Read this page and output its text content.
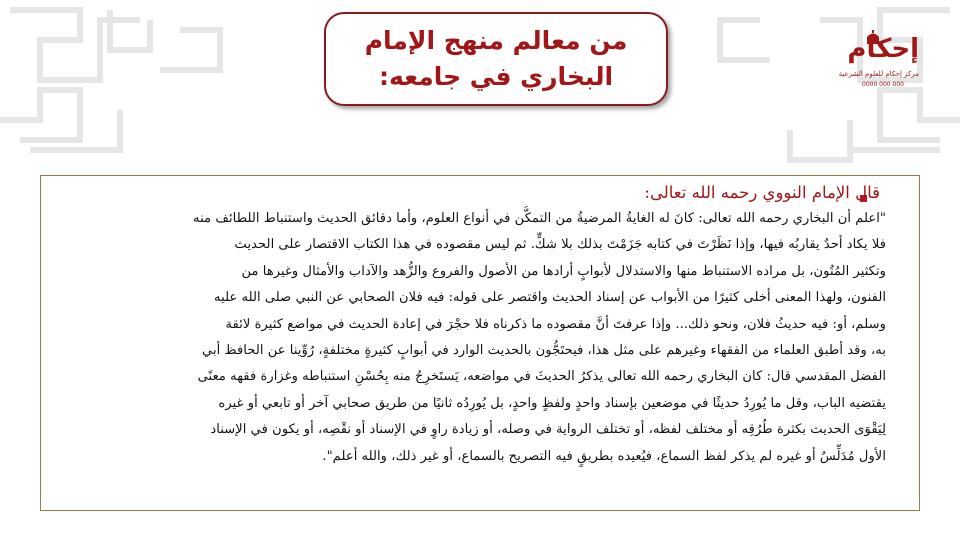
من معالم منهج الإمام
البخاري في جامعه:
إحكام
مركز إحكام للعلوم الشرعية
0000 000 000
قال الإمام النووي رحمه الله تعالى:
"اعلم أن البخاري رحمه الله تعالى: كانَ له الغايةُ المرضيةُ من التمكُّن في أنواع العلوم، وأما دقائق الحديث واستنباط اللطائف منه
فلا يكاد أحدٌ يقاربُه فيها، وإذا نَظَرْتَ في كتابه جَزَمْتَ بذلك بلا شكٍّ. ثم ليس مقصوده في هذا الكتاب الاقتصار على الحديث
وتكثير المُتُون، بل مراده الاستنباط منها والاستدلال لأبوابٍ أرادها من الأصول والفروع والزُّهد والآداب والأمثال وغيرها من
الفنون، ولهذا المعنى أخلى كثيرًا من الأبواب عن إسناد الحديث واقتصر على قوله: فيه فلان الصحابي عن النبي صلى الله عليه
وسلم، أو: فيه حديثُ فلان، ونحو ذلك... وإذا عرفتَ أنَّ مقصوده ما ذكرناه فلا حجْرَ في إعادة الحديث في مواضع كثيرة لائقة
به، وقد أطبق العلماء من الفقهاء وغيرهم على مثل هذا، فيحتَجُّون بالحديث الوارد في أبوابٍ كثيرةٍ مختلفةٍ، رُوِّينا عن الحافظ أبي
الفضل المقدسي قال: كان البخاري رحمه الله تعالى يذكرُ الحديثَ في مواضعه، يَستَخرِجُ منه بِحُسْنِ استنباطه وغزارة فقهه معنًى
يقتضيه الباب، وقل ما يُورِدُ حديثًا في موضعين بإسناد واحدٍ ولفظٍ واحدٍ، بل يُورِدُه ثانيًا من طريق صحابي آخر أو تابعي أو غيره
لِيَقْوَى الحديث بكثرة طُرُقِه أو مختلف لفظه، أو تختلف الرواية في وصله، أو زيادة راوٍ في الإسناد أو نقْصِه، أو يكون في الإسناد
الأول مُدَلِّسٌ أو غيره لم يذكر لفظ السماع، فيُعيده بطريقٍ فيه التصريح بالسماع، أو غير ذلك، والله أعلم".
